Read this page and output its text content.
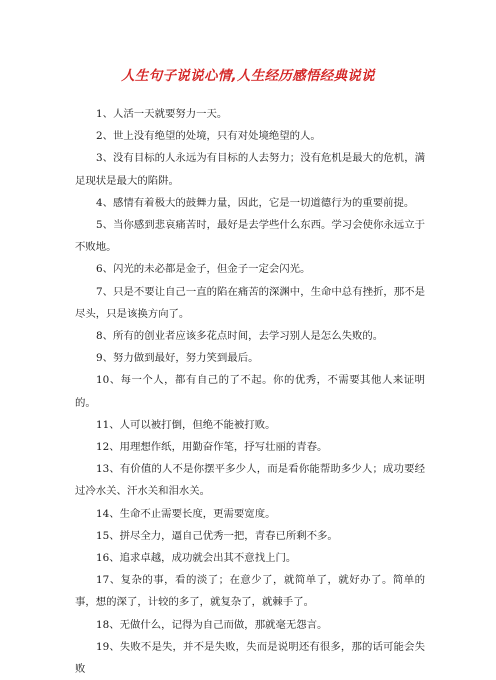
人生句子说说心情,人生经历感悟经典说说

1、人活一天就要努力一天。

2、世上没有绝望的处境，只有对处境绝望的人。

3、没有目标的人永远为有目标的人去努力；没有危机是最大的危机，满足现状是最大的陷阱。

4、感情有着极大的鼓舞力量，因此，它是一切道德行为的重要前提。

5、当你感到悲哀痛苦时，最好是去学些什么东西。学习会使你永远立于不败地。

6、闪光的未必都是金子，但金子一定会闪光。

7、只是不要让自己一直的陷在痛苦的深渊中，生命中总有挫折，那不是尽头，只是该换方向了。

8、所有的创业者应该多花点时间，去学习别人是怎么失败的。

9、努力做到最好，努力笑到最后。

10、每一个人，都有自己的了不起。你的优秀，不需要其他人来证明的。

11、人可以被打倒，但绝不能被打败。

12、用理想作纸，用勤奋作笔，抒写壮丽的青春。

13、有价值的人不是你摆平多少人，而是看你能帮助多少人；成功要经过冷水关、汗水关和泪水关。

14、生命不止需要长度，更需要宽度。

15、拼尽全力，逼自己优秀一把，青春已所剩不多。

16、追求卓越，成功就会出其不意找上门。

17、复杂的事，看的淡了；在意少了，就简单了，就好办了。简单的事，想的深了，计较的多了，就复杂了，就棘手了。

18、无做什么，记得为自己而做，那就毫无怨言。

19、失败不是失，并不是失败，失而是说明还有很多，那的话可能会失败
